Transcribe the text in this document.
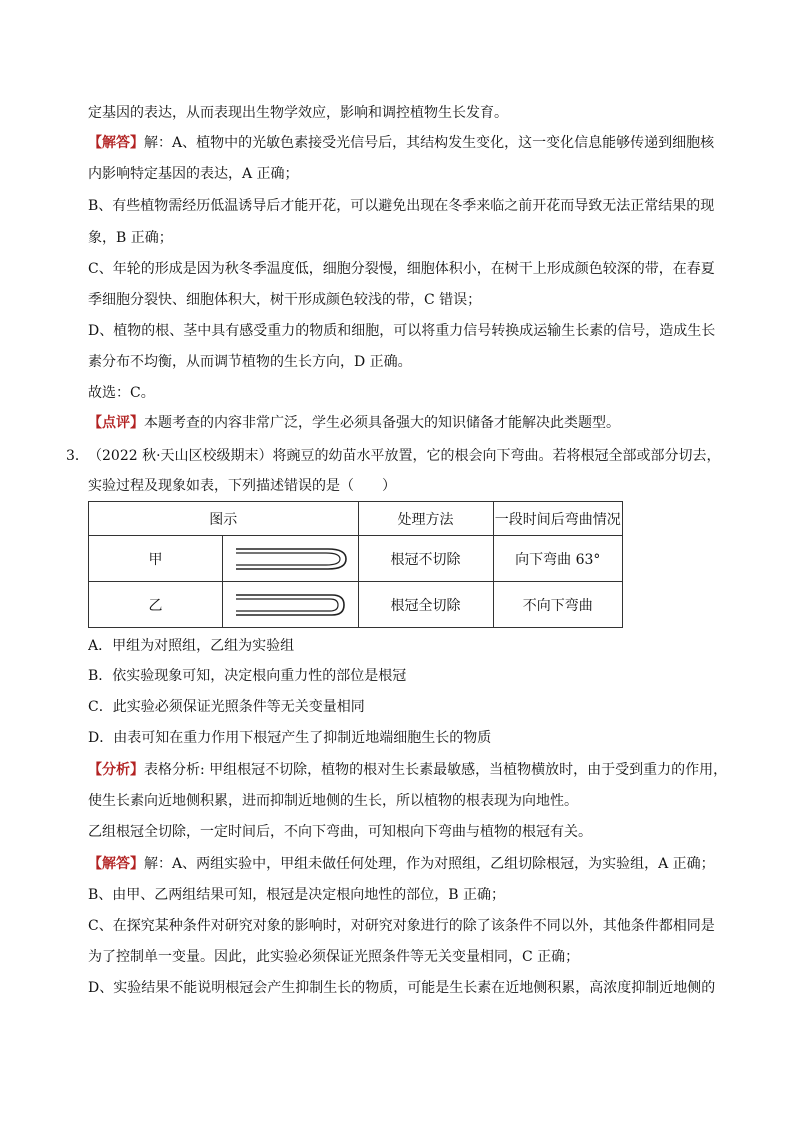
定基因的表达，从而表现出生物学效应，影响和调控植物生长发育。
【解答】解：A、植物中的光敏色素接受光信号后，其结构发生变化，这一变化信息能够传递到细胞核
内影响特定基因的表达，A 正确；
B、有些植物需经历低温诱导后才能开花，可以避免出现在冬季来临之前开花而导致无法正常结果的现
象，B 正确；
C、年轮的形成是因为秋冬季温度低，细胞分裂慢，细胞体积小，在树干上形成颜色较深的带，在春夏
季细胞分裂快、细胞体积大，树干形成颜色较浅的带，C 错误；
D、植物的根、茎中具有感受重力的物质和细胞，可以将重力信号转换成运输生长素的信号，造成生长
素分布不均衡，从而调节植物的生长方向，D 正确。
故选：C。
【点评】本题考查的内容非常广泛，学生必须具备强大的知识储备才能解决此类题型。
3． （2022 秋·天山区校级期末）将豌豆的幼苗水平放置，它的根会向下弯曲。若将根冠全部或部分切去，
实验过程及现象如表，下列描述错误的是（　　）
图示		处理方法	一段时间后弯曲情况
甲		根冠不切除	向下弯曲 63°
乙		根冠全切除	不向下弯曲
A．甲组为对照组，乙组为实验组
B．依实验现象可知，决定根向重力性的部位是根冠
C．此实验必须保证光照条件等无关变量相同
D．由表可知在重力作用下根冠产生了抑制近地端细胞生长的物质
【分析】表格分析: 甲组根冠不切除，植物的根对生长素最敏感，当植物横放时，由于受到重力的作用，
使生长素向近地侧积累，进而抑制近地侧的生长，所以植物的根表现为向地性。
乙组根冠全切除，一定时间后，不向下弯曲，可知根向下弯曲与植物的根冠有关。
【解答】解：A、两组实验中，甲组未做任何处理，作为对照组，乙组切除根冠，为实验组，A 正确；
B、由甲、乙两组结果可知，根冠是决定根向地性的部位，B 正确；
C、在探究某种条件对研究对象的影响时，对研究对象进行的除了该条件不同以外，其他条件都相同是
为了控制单一变量。因此，此实验必须保证光照条件等无关变量相同，C 正确；
D、实验结果不能说明根冠会产生抑制生长的物质，可能是生长素在近地侧积累，高浓度抑制近地侧的
